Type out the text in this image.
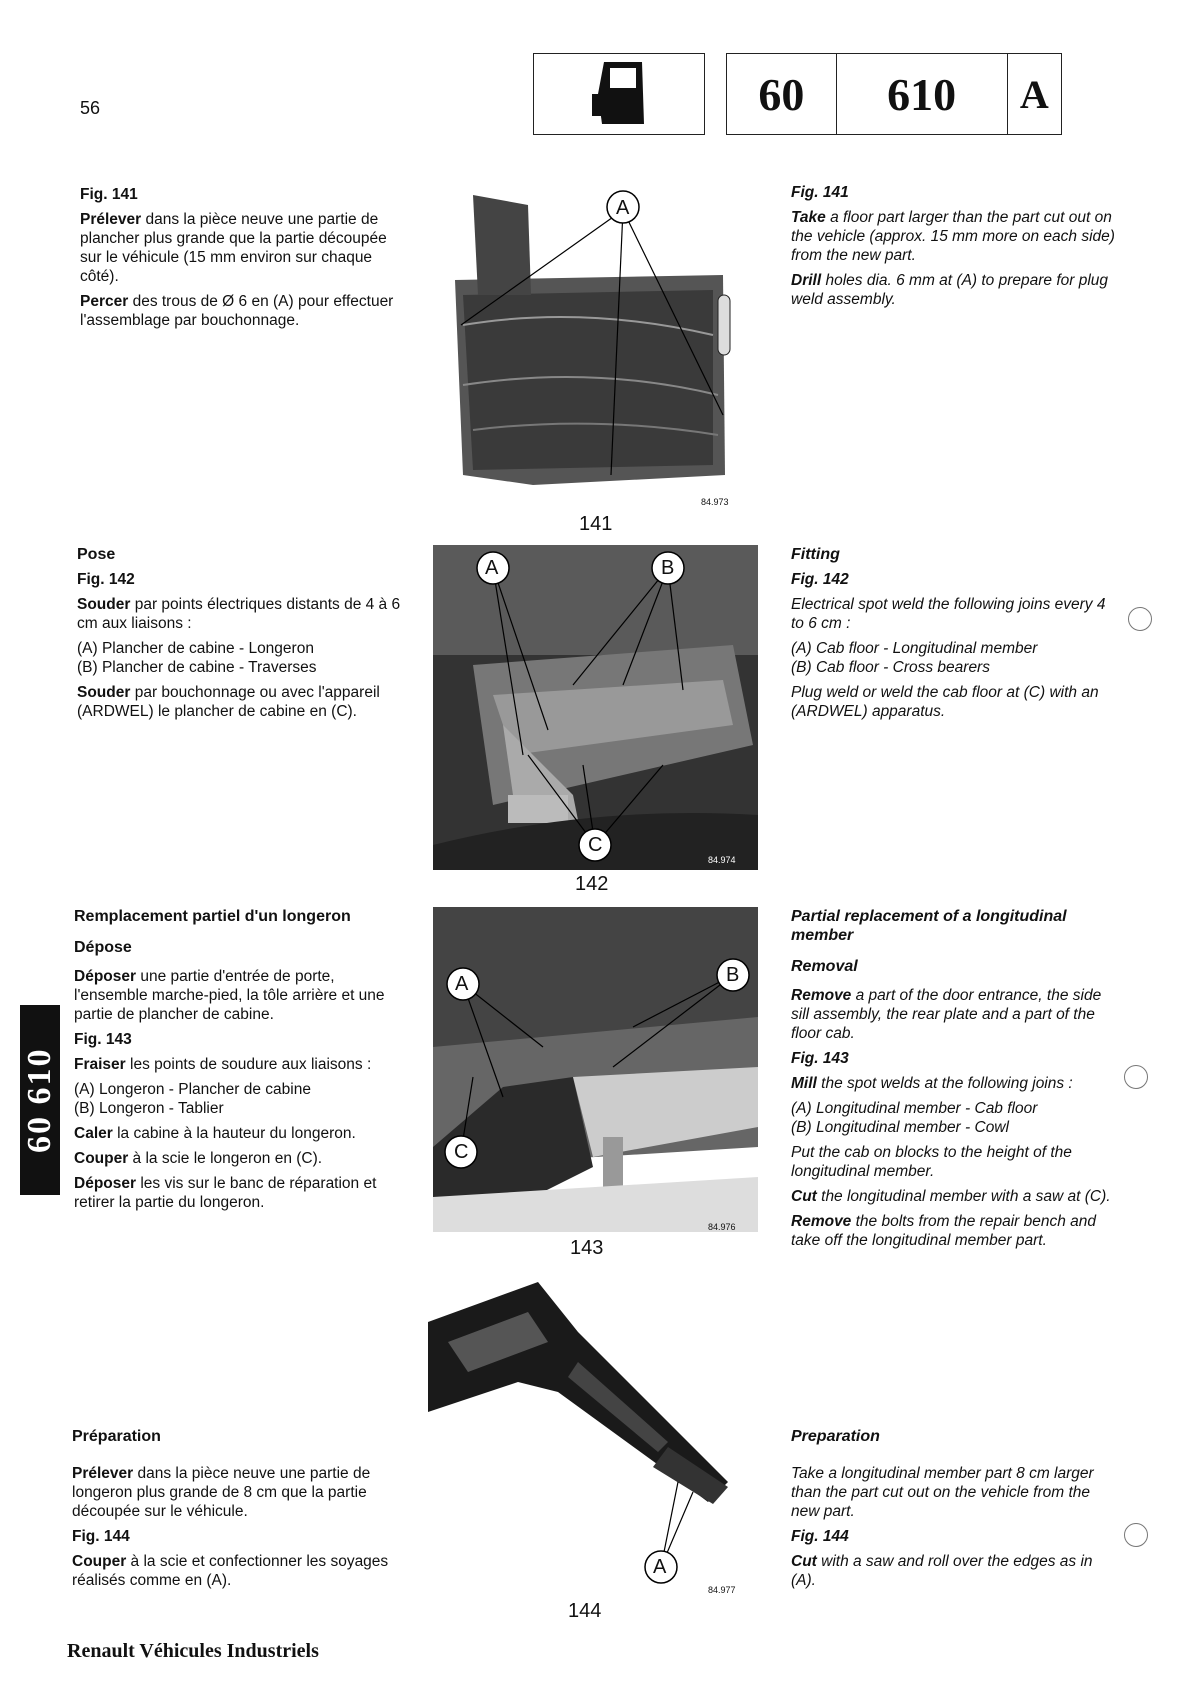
56	60	610	A
60 610

Fig. 141

Prélever dans la pièce neuve une partie de plancher plus grande que la partie découpée sur le véhicule (15 mm environ sur chaque côté).

Percer des trous de Ø 6 en (A) pour effectuer l'assemblage par bouchonnage.

Pose

Fig. 142

Souder par points électriques distants de 4 à 6 cm aux liaisons :

(A) Plancher de cabine - Longeron

(B) Plancher de cabine - Traverses

Souder par bouchonnage ou avec l'appareil (ARDWEL) le plancher de cabine en (C).

Remplacement partiel d'un longeron

Dépose

Déposer une partie d'entrée de porte, l'ensemble marche-pied, la tôle arrière et une partie de plancher de cabine.

Fig. 143

Fraiser les points de soudure aux liaisons :

(A) Longeron - Plancher de cabine

(B) Longeron - Tablier

Caler la cabine à la hauteur du longeron.

Couper à la scie le longeron en (C).

Déposer les vis sur le banc de réparation et retirer la partie du longeron.

Préparation

Prélever dans la pièce neuve une partie de longeron plus grande de 8 cm que la partie découpée sur le véhicule.

Fig. 144

Couper à la scie et confectionner les soyages réalisés comme en (A).

Fig. 141

Take a floor part larger than the part cut out on the vehicle (approx. 15 mm more on each side) from the new part.

Drill holes dia. 6 mm at (A) to prepare for plug weld assembly.

Fitting

Fig. 142

Electrical spot weld the following joins every 4 to 6 cm :

(A) Cab floor - Longitudinal member

(B) Cab floor - Cross bearers

Plug weld or weld the cab floor at (C) with an (ARDWEL) apparatus.

Partial replacement of a longitudinal member

Removal

Remove a part of the door entrance, the side sill assembly, the rear plate and a part of the floor cab.

Fig. 143

Mill the spot welds at the following joins :

(A) Longitudinal member - Cab floor

(B) Longitudinal member - Cowl

Put the cab on blocks to the height of the longitudinal member.

Cut the longitudinal member with a saw at (C).

Remove the bolts from the repair bench and take off the longitudinal member part.

Preparation

Take a longitudinal member part 8 cm larger than the part cut out on the vehicle from the new part.

Fig. 144

Cut with a saw and roll over the edges as in (A).

A
84.973
141
A	B
C
84.974
142
A	B
C
84.976
143
A
84.977
144
Renault Véhicules Industriels
